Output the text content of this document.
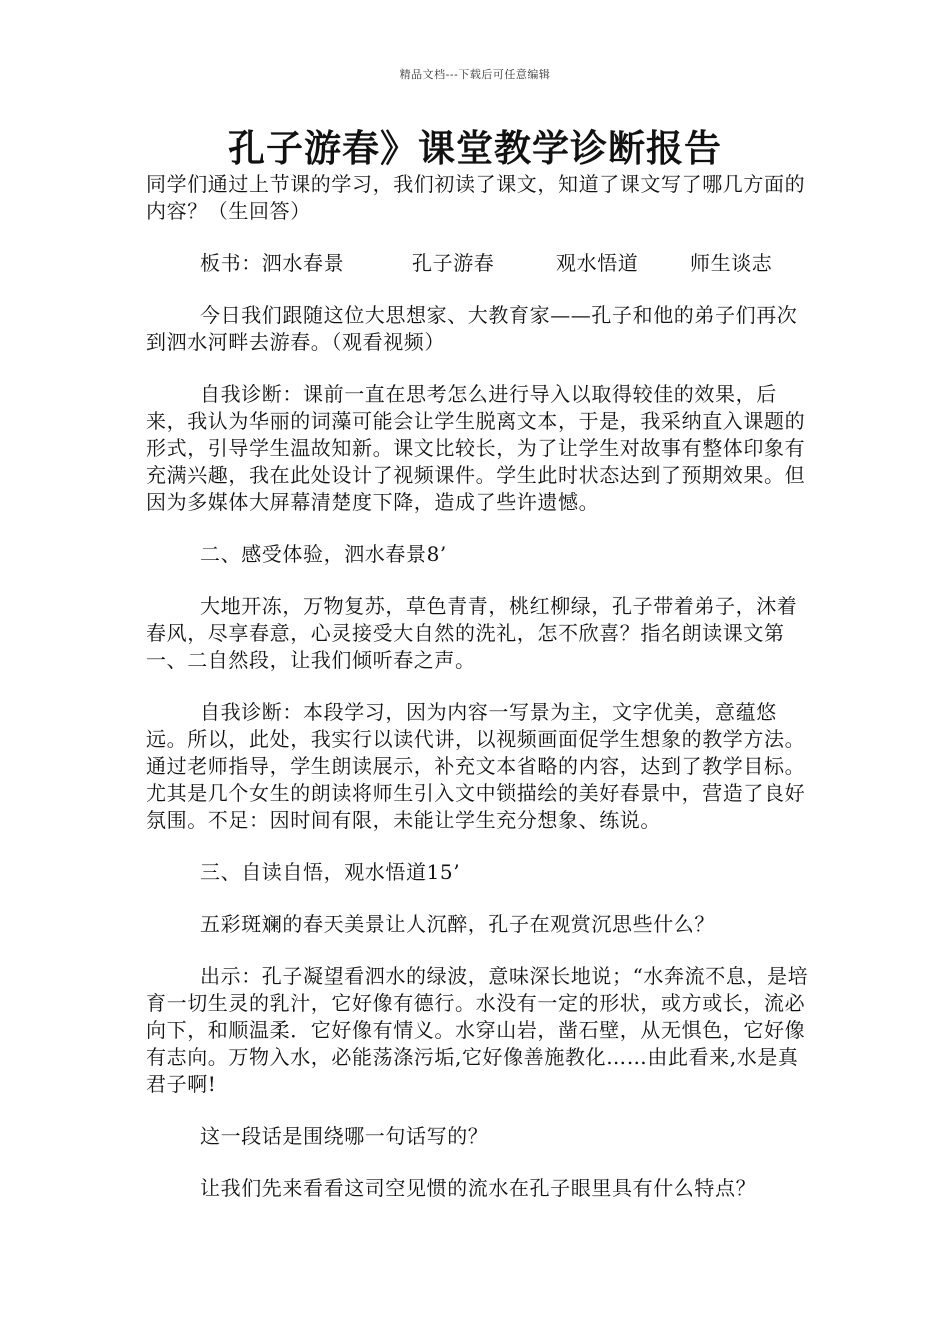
精品文档---下载后可任意编辑
孔子游春》课堂教学诊断报告

同学们通过上节课的学习，我们初读了课文，知道了课文写了哪几方面的内容？（生回答）

板书：泗水春景	孔子游春	观水悟道	师生谈志

今日我们跟随这位大思想家、大教育家——孔子和他的弟子们再次到泗水河畔去游春。（观看视频）

自我诊断：课前一直在思考怎么进行导入以取得较佳的效果，后来，我认为华丽的词藻可能会让学生脱离文本，于是，我采纳直入课题的形式，引导学生温故知新。课文比较长，为了让学生对故事有整体印象有充满兴趣，我在此处设计了视频课件。学生此时状态达到了预期效果。但因为多媒体大屏幕清楚度下降，造成了些许遗憾。

二、感受体验，泗水春景8’

大地开冻，万物复苏，草色青青，桃红柳绿，孔子带着弟子，沐着春风，尽享春意，心灵接受大自然的洗礼，怎不欣喜？指名朗读课文第一、二自然段，让我们倾听春之声。

自我诊断：本段学习，因为内容一写景为主，文字优美，意蕴悠远。所以，此处，我实行以读代讲，以视频画面促学生想象的教学方法。通过老师指导，学生朗读展示，补充文本省略的内容，达到了教学目标。尤其是几个女生的朗读将师生引入文中锁描绘的美好春景中，营造了良好氛围。不足：因时间有限，未能让学生充分想象、练说。

三、自读自悟，观水悟道15’

五彩斑斓的春天美景让人沉醉，孔子在观赏沉思些什么？

出示：孔子凝望看泗水的绿波，意味深长地说；“水奔流不息，是培育一切生灵的乳汁，它好像有德行。水没有一定的形状，或方或长，流必向下，和顺温柔．它好像有情义。水穿山岩，凿石壁，从无惧色，它好像有志向。万物入水，必能荡涤污垢,它好像善施教化……由此看来,水是真君子啊!

这一段话是围绕哪一句话写的？

让我们先来看看这司空见惯的流水在孔子眼里具有什么特点？
